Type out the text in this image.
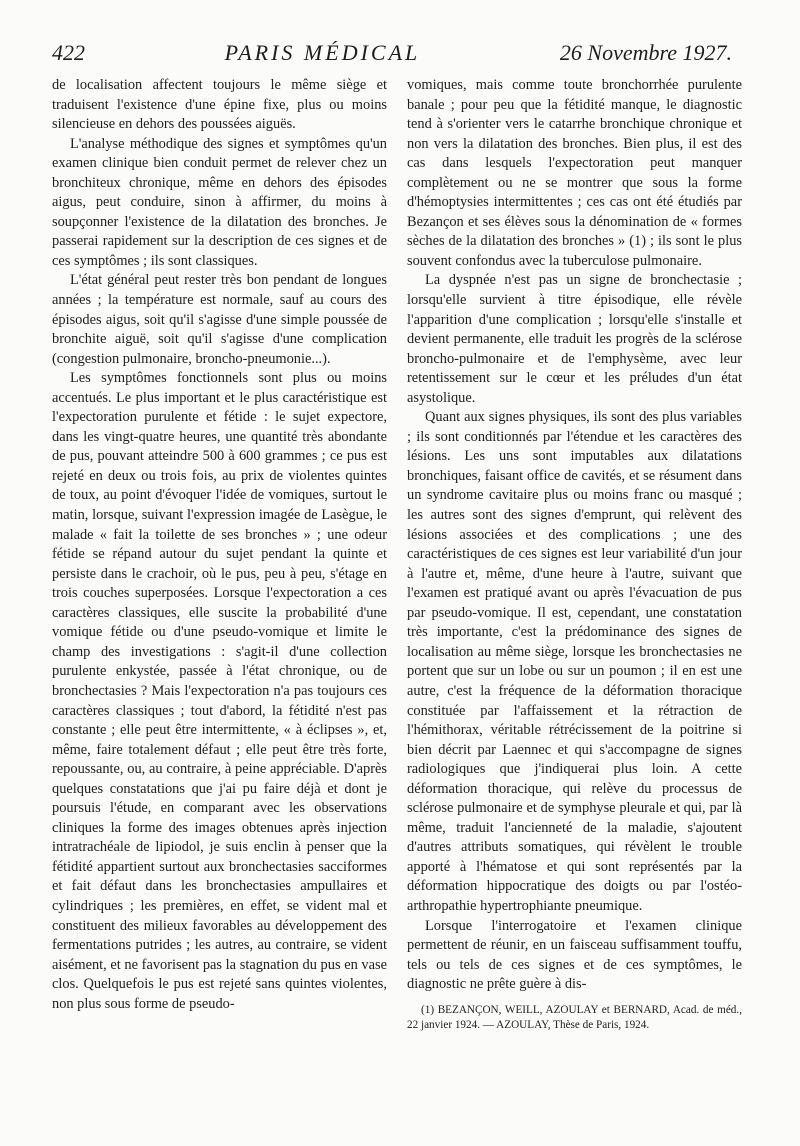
422	PARIS MÉDICAL	26 Novembre 1927.

de localisation affectent toujours le même siège et traduisent l'existence d'une épine fixe, plus ou moins silencieuse en dehors des poussées aiguës.

L'analyse méthodique des signes et symptômes qu'un examen clinique bien conduit permet de relever chez un bronchitеux chronique, même en dehors des épisodes aigus, peut conduire, sinon à affirmer, du moins à soupçonner l'existence de la dilatation des bronches. Je passerai rapidement sur la description de ces signes et de ces symptômes ; ils sont classiques.

L'état général peut rester très bon pendant de longues années ; la température est normale, sauf au cours des épisodes aigus, soit qu'il s'agisse d'une simple poussée de bronchite aiguë, soit qu'il s'agisse d'une complication (congestion pulmonaire, broncho-pneumonie...).

Les symptômes fonctionnels sont plus ou moins accentués. Le plus important et le plus caractéristique est l'expectoration purulente et fétide : le sujet expectore, dans les vingt-quatre heures, une quantité très abondante de pus, pouvant atteindre 500 à 600 grammes ; ce pus est rejeté en deux ou trois fois, au prix de violentes quintes de toux, au point d'évoquer l'idée de vomiques, surtout le matin, lorsque, suivant l'expression imagée de Lasègue, le malade « fait la toilette de ses bronches » ; une odeur fétide se répand autour du sujet pendant la quinte et persiste dans le crachoir, où le pus, peu à peu, s'étage en trois couches superposées. Lorsque l'expectoration a ces caractères classiques, elle suscite la probabilité d'une vomique fétide ou d'une pseudo-vomique et limite le champ des investigations : s'agit-il d'une collection purulente enkystée, passée à l'état chronique, ou de bronchectasies ? Mais l'expectoration n'a pas toujours ces caractères classiques ; tout d'abord, la fétidité n'est pas constante ; elle peut être intermittente, « à éclipses », et, même, faire totalement défaut ; elle peut être très forte, repoussante, ou, au contraire, à peine appréciable. D'après quelques constatations que j'ai pu faire déjà et dont je poursuis l'étude, en comparant avec les observations cliniques la forme des images obtenues après injection intratrachéale de lipiodol, je suis enclin à penser que la fétidité appartient surtout aux bronchectasies sacciformes et fait défaut dans les bronchectasies ampullaires et cylindriques ; les premières, en effet, se vident mal et constituent des milieux favorables au développement des fermentations putrides ; les autres, au contraire, se vident aisément, et ne favorisent pas la stagnation du pus en vase clos. Quelquefois le pus est rejeté sans quintes violentes, non plus sous forme de pseudo-

vomiques, mais comme toute bronchorrhée purulente banale ; pour peu que la fétidité manque, le diagnostic tend à s'orienter vers le catarrhe bronchique chronique et non vers la dilatation des bronches. Bien plus, il est des cas dans lesquels l'expectoration peut manquer complètement ou ne se montrer que sous la forme d'hémoptysies intermittentes ; ces cas ont été étudiés par Bezançon et ses élèves sous la dénomination de « formes sèches de la dilatation des bronches » (1) ; ils sont le plus souvent confondus avec la tuberculose pulmonaire.

La dyspnée n'est pas un signe de bronchectasie ; lorsqu'elle survient à titre épisodique, elle révèle l'apparition d'une complication ; lorsqu'elle s'installe et devient permanente, elle traduit les progrès de la sclérose broncho-pulmonaire et de l'emphysème, avec leur retentissement sur le cœur et les préludes d'un état asystolique.

Quant aux signes physiques, ils sont des plus variables ; ils sont conditionnés par l'étendue et les caractères des lésions. Les uns sont imputables aux dilatations bronchiques, faisant office de cavités, et se résument dans un syndrome cavitaire plus ou moins franc ou masqué ; les autres sont des signes d'emprunt, qui relèvent des lésions associées et des complications ; une des caractéristiques de ces signes est leur variabilité d'un jour à l'autre et, même, d'une heure à l'autre, suivant que l'examen est pratiqué avant ou après l'évacuation de pus par pseudo-vomique. Il est, cependant, une constatation très importante, c'est la prédominance des signes de localisation au même siège, lorsque les bronchectasies ne portent que sur un lobe ou sur un poumon ; il en est une autre, c'est la fréquence de la déformation thoracique constituée par l'affaissement et la rétraction de l'hémithorax, véritable rétrécissement de la poitrine si bien décrit par Laennec et qui s'accompagne de signes radiologiques que j'indiquerai plus loin. A cette déformation thoracique, qui relève du processus de sclérose pulmonaire et de symphyse pleurale et qui, par là même, traduit l'ancienneté de la maladie, s'ajoutent d'autres attributs somatiques, qui révèlent le trouble apporté à l'hématose et qui sont représentés par la déformation hippocratique des doigts ou par l'ostéo-arthropathie hypertrophiante pneumique.

Lorsque l'interrogatoire et l'examen clinique permettent de réunir, en un faisceau suffisamment touffu, tels ou tels de ces signes et de ces symptômes, le diagnostic ne prête guère à dis-

(1) BEZANÇON, WEILL, AZOULAY et BERNARD, Acad. de méd., 22 janvier 1924. — AZOULAY, Thèse de Paris, 1924.
